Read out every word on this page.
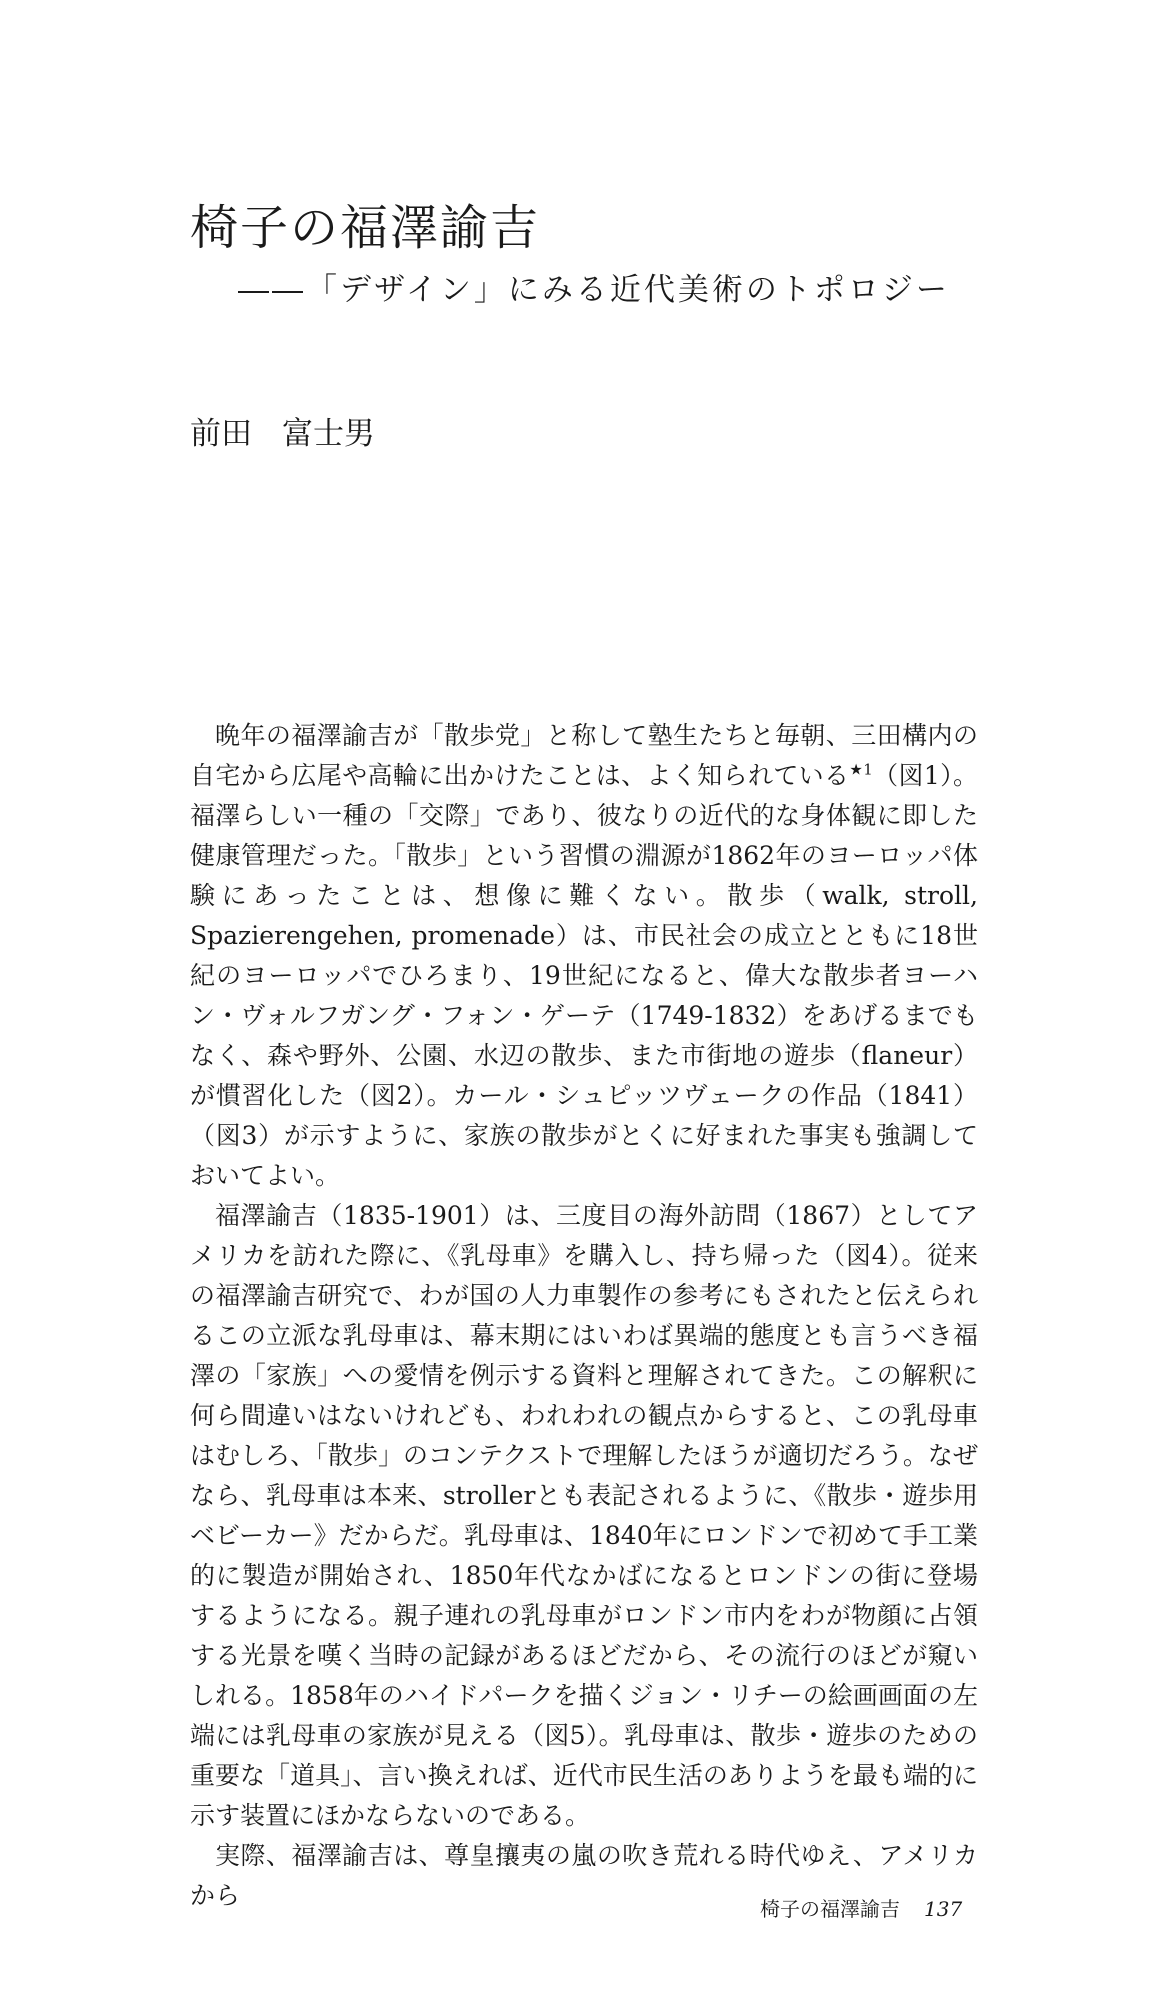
椅子の福澤諭吉
――「デザイン」にみる近代美術のトポロジー
前田 富士男

晩年の福澤諭吉が「散歩党」と称して塾生たちと毎朝、三田構内の自宅から広尾や高輪に出かけたことは、よく知られている$^{★1}$（図1）。福澤らしい一種の「交際」であり、彼なりの近代的な身体観に即した健康管理だった。「散歩」という習慣の淵源が1862年のヨーロッパ体験にあったことは、想像に難くない。散歩（walk, stroll, Spazierengehen, promenade）は、市民社会の成立とともに18世紀のヨーロッパでひろまり、19世紀になると、偉大な散歩者ヨーハン・ヴォルフガング・フォン・ゲーテ（1749-1832）をあげるまでもなく、森や野外、公園、水辺の散歩、また市街地の遊歩（flaneur）が慣習化した（図2）。カール・シュピッツヴェークの作品（1841）（図3）が示すように、家族の散歩がとくに好まれた事実も強調しておいてよい。

福澤諭吉（1835-1901）は、三度目の海外訪問（1867）としてアメリカを訪れた際に、《乳母車》を購入し、持ち帰った（図4）。従来の福澤諭吉研究で、わが国の人力車製作の参考にもされたと伝えられるこの立派な乳母車は、幕末期にはいわば異端的態度とも言うべき福澤の「家族」への愛情を例示する資料と理解されてきた。この解釈に何ら間違いはないけれども、われわれの観点からすると、この乳母車はむしろ、「散歩」のコンテクストで理解したほうが適切だろう。なぜなら、乳母車は本来、strollerとも表記されるように、《散歩・遊歩用ベビーカー》だからだ。乳母車は、1840年にロンドンで初めて手工業的に製造が開始され、1850年代なかばになるとロンドンの街に登場するようになる。親子連れの乳母車がロンドン市内をわが物顔に占領する光景を嘆く当時の記録があるほどだから、その流行のほどが窺いしれる。1858年のハイドパークを描くジョン・リチーの絵画画面の左端には乳母車の家族が見える（図5）。乳母車は、散歩・遊歩のための重要な「道具」、言い換えれば、近代市民生活のありようを最も端的に示す装置にほかならないのである。

実際、福澤諭吉は、尊皇攘夷の嵐の吹き荒れる時代ゆえ、アメリカから	椅子の福澤諭吉 137
